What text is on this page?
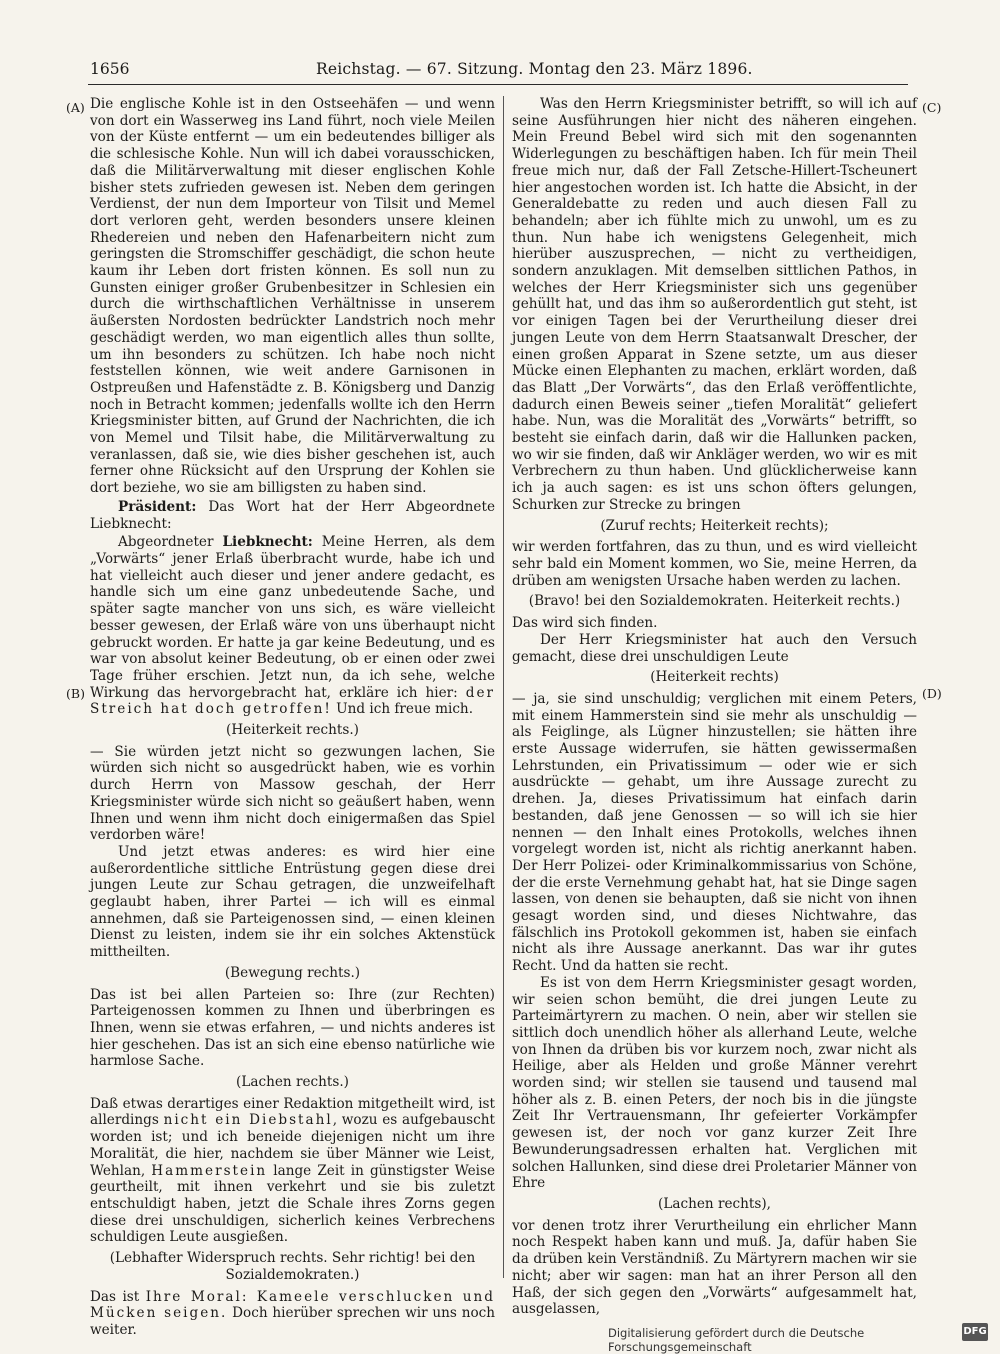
1656	Reichstag. — 67. Sitzung. Montag den 23. März 1896.
(A)
(B)
(C)
(D)

Die englische Kohle ist in den Ostseehäfen — und wenn von dort ein Wasserweg ins Land führt, noch viele Meilen von der Küste entfernt — um ein bedeutendes billiger als die schlesische Kohle. Nun will ich dabei vorausschicken, daß die Militärverwaltung mit dieser englischen Kohle bisher stets zufrieden gewesen ist. Neben dem geringen Verdienst, der nun dem Importeur von Tilsit und Memel dort verloren geht, werden besonders unsere kleinen Rhedereien und neben den Hafenarbeitern nicht zum geringsten die Stromschiffer geschädigt, die schon heute kaum ihr Leben dort fristen können. Es soll nun zu Gunsten einiger großer Grubenbesitzer in Schlesien ein durch die wirthschaftlichen Verhältnisse in unserem äußersten Nordosten bedrückter Landstrich noch mehr geschädigt werden, wo man eigentlich alles thun sollte, um ihn besonders zu schützen. Ich habe noch nicht feststellen können, wie weit andere Garnisonen in Ostpreußen und Hafenstädte z. B. Königsberg und Danzig noch in Betracht kommen; jedenfalls wollte ich den Herrn Kriegsminister bitten, auf Grund der Nachrichten, die ich von Memel und Tilsit habe, die Militärverwaltung zu veranlassen, daß sie, wie dies bisher geschehen ist, auch ferner ohne Rücksicht auf den Ursprung der Kohlen sie dort beziehe, wo sie am billigsten zu haben sind.

Präsident: Das Wort hat der Herr Abgeordnete Liebknecht:

Abgeordneter Liebknecht: Meine Herren, als dem „Vorwärts“ jener Erlaß überbracht wurde, habe ich und hat vielleicht auch dieser und jener andere gedacht, es handle sich um eine ganz unbedeutende Sache, und später sagte mancher von uns sich, es wäre vielleicht besser gewesen, der Erlaß wäre von uns überhaupt nicht gebruckt worden. Er hatte ja gar keine Bedeutung, und es war von absolut keiner Bedeutung, ob er einen oder zwei Tage früher erschien. Jetzt nun, da ich sehe, welche Wirkung das hervorgebracht hat, erkläre ich hier: der Streich hat doch getroffen! Und ich freue mich.

(Heiterkeit rechts.)

— Sie würden jetzt nicht so gezwungen lachen, Sie würden sich nicht so ausgedrückt haben, wie es vorhin durch Herrn von Massow geschah, der Herr Kriegsminister würde sich nicht so geäußert haben, wenn Ihnen und wenn ihm nicht doch einigermaßen das Spiel verdorben wäre!

Und jetzt etwas anderes: es wird hier eine außerordentliche sittliche Entrüstung gegen diese drei jungen Leute zur Schau getragen, die unzweifelhaft geglaubt haben, ihrer Partei — ich will es einmal annehmen, daß sie Parteigenossen sind, — einen kleinen Dienst zu leisten, indem sie ihr ein solches Aktenstück mittheilten.

(Bewegung rechts.)

Das ist bei allen Parteien so: Ihre (zur Rechten) Parteigenossen kommen zu Ihnen und überbringen es Ihnen, wenn sie etwas erfahren, — und nichts anderes ist hier geschehen. Das ist an sich eine ebenso natürliche wie harmlose Sache.

(Lachen rechts.)

Daß etwas derartiges einer Redaktion mitgetheilt wird, ist allerdings nicht ein Diebstahl, wozu es aufgebauscht worden ist; und ich beneide diejenigen nicht um ihre Moralität, die hier, nachdem sie über Männer wie Leist, Wehlan, Hammerstein lange Zeit in günstigster Weise geurtheilt, mit ihnen verkehrt und sie bis zuletzt entschuldigt haben, jetzt die Schale ihres Zorns gegen diese drei unschuldigen, sicherlich keines Verbrechens schuldigen Leute ausgießen.

(Lebhafter Widerspruch rechts. Sehr richtig! bei den Sozialdemokraten.)

Das ist Ihre Moral: Kameele verschlucken und Mücken seigen. Doch hierüber sprechen wir uns noch weiter.

Was den Herrn Kriegsminister betrifft, so will ich auf seine Ausführungen hier nicht des näheren eingehen. Mein Freund Bebel wird sich mit den sogenannten Widerlegungen zu beschäftigen haben. Ich für mein Theil freue mich nur, daß der Fall Zetsche-Hillert-Tscheunert hier angestochen worden ist. Ich hatte die Absicht, in der Generaldebatte zu reden und auch diesen Fall zu behandeln; aber ich fühlte mich zu unwohl, um es zu thun. Nun habe ich wenigstens Gelegenheit, mich hierüber auszusprechen, — nicht zu vertheidigen, sondern anzuklagen. Mit demselben sittlichen Pathos, in welches der Herr Kriegsminister sich uns gegenüber gehüllt hat, und das ihm so außerordentlich gut steht, ist vor einigen Tagen bei der Verurtheilung dieser drei jungen Leute von dem Herrn Staatsanwalt Drescher, der einen großen Apparat in Szene setzte, um aus dieser Mücke einen Elephanten zu machen, erklärt worden, daß das Blatt „Der Vorwärts“, das den Erlaß veröffentlichte, dadurch einen Beweis seiner „tiefen Moralität“ geliefert habe. Nun, was die Moralität des „Vorwärts“ betrifft, so besteht sie einfach darin, daß wir die Hallunken packen, wo wir sie finden, daß wir Ankläger werden, wo wir es mit Verbrechern zu thun haben. Und glücklicherweise kann ich ja auch sagen: es ist uns schon öfters gelungen, Schurken zur Strecke zu bringen

(Zuruf rechts; Heiterkeit rechts);

wir werden fortfahren, das zu thun, und es wird vielleicht sehr bald ein Moment kommen, wo Sie, meine Herren, da drüben am wenigsten Ursache haben werden zu lachen.

(Bravo! bei den Sozialdemokraten. Heiterkeit rechts.)

Das wird sich finden.

Der Herr Kriegsminister hat auch den Versuch gemacht, diese drei unschuldigen Leute

(Heiterkeit rechts)

— ja, sie sind unschuldig; verglichen mit einem Peters, mit einem Hammerstein sind sie mehr als unschuldig — als Feiglinge, als Lügner hinzustellen; sie hätten ihre erste Aussage widerrufen, sie hätten gewissermaßen Lehrstunden, ein Privatissimum — oder wie er sich ausdrückte — gehabt, um ihre Aussage zurecht zu drehen. Ja, dieses Privatissimum hat einfach darin bestanden, daß jene Genossen — so will ich sie hier nennen — den Inhalt eines Protokolls, welches ihnen vorgelegt worden ist, nicht als richtig anerkannt haben. Der Herr Polizei- oder Kriminalkommissarius von Schöne, der die erste Vernehmung gehabt hat, hat sie Dinge sagen lassen, von denen sie behaupten, daß sie nicht von ihnen gesagt worden sind, und dieses Nichtwahre, das fälschlich ins Protokoll gekommen ist, haben sie einfach nicht als ihre Aussage anerkannt. Das war ihr gutes Recht. Und da hatten sie recht.

Es ist von dem Herrn Kriegsminister gesagt worden, wir seien schon bemüht, die drei jungen Leute zu Parteimärtyrern zu machen. O nein, aber wir stellen sie sittlich doch unendlich höher als allerhand Leute, welche von Ihnen da drüben bis vor kurzem noch, zwar nicht als Heilige, aber als Helden und große Männer verehrt worden sind; wir stellen sie tausend und tausend mal höher als z. B. einen Peters, der noch bis in die jüngste Zeit Ihr Vertrauensmann, Ihr gefeierter Vorkämpfer gewesen ist, der noch vor ganz kurzer Zeit Ihre Bewunderungsadressen erhalten hat. Verglichen mit solchen Hallunken, sind diese drei Proletarier Männer von Ehre

(Lachen rechts),

vor denen trotz ihrer Verurtheilung ein ehrlicher Mann noch Respekt haben kann und muß. Ja, dafür haben Sie da drüben kein Verständniß. Zu Märtyrern machen wir sie nicht; aber wir sagen: man hat an ihrer Person all den Haß, der sich gegen den „Vorwärts“ aufgesammelt hat, ausgelassen,

Digitalisierung gefördert durch die Deutsche Forschungsgemeinschaft
DFG
